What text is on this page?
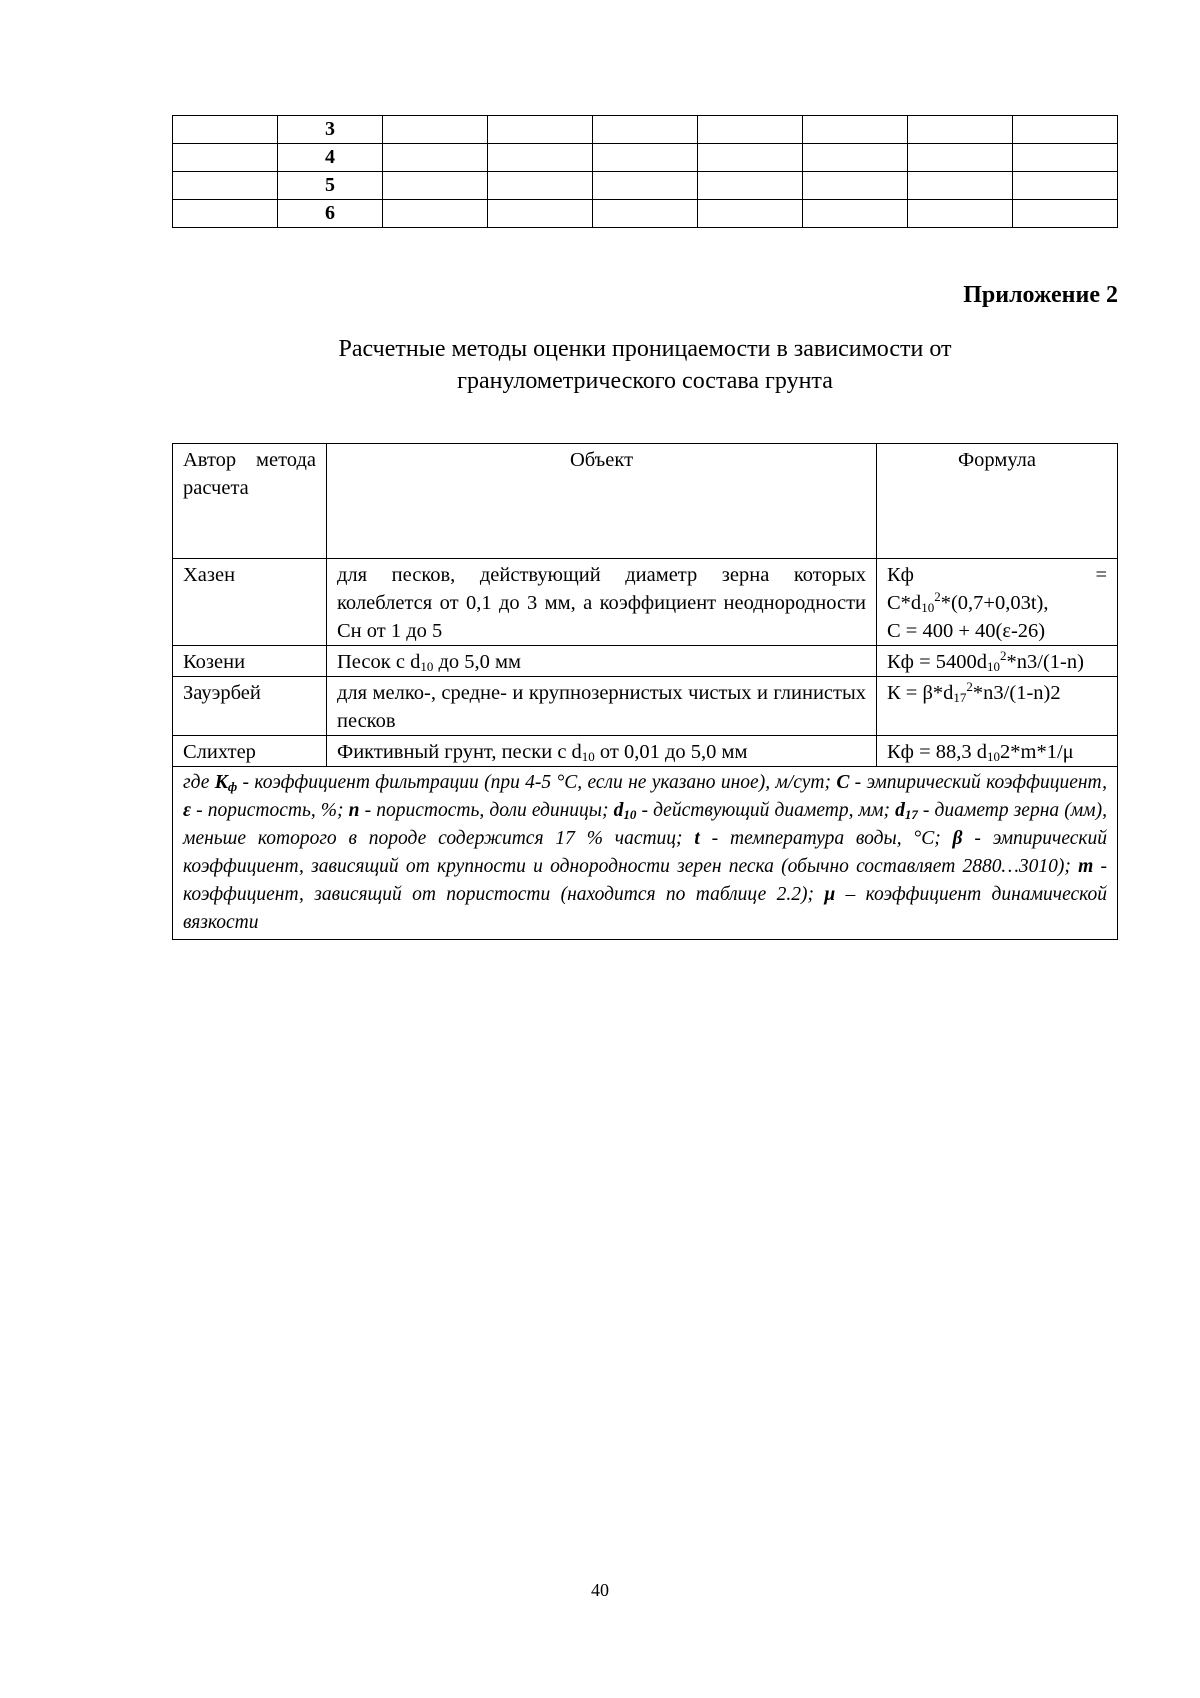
	3							
	4							
	5							
	6							
Приложение 2
Расчетные методы оценки проницаемости в зависимости от
гранулометрического состава грунта
Автор метода расчета	Объект	Формула
Хазен	для песков, действующий диаметр зерна которых колеблется от 0,1 до 3 мм, а коэффициент неоднородности Сн от 1 до 5	Кф =
$С*d_{10}^2*(0,7+0,03t)$,
С = 400 + 40(ε-26)

Козени	Песок с $d_{10}$ до 5,0 мм	Кф = $5400d_{10}^2*n3/(1-n)$
Зауэрбей	для мелко-, средне- и крупнозернистых чистых и глинистых песков	$К = \beta*d_{17}^2*n3/(1-n)2$
Слихтер	Фиктивный грунт, пески с $d_{10}$ от 0,01 до 5,0 мм	Кф = 88,3 $d_{10}2*m*1/\mu$
где $К_ф$ - коэффициент фильтрации (при 4-5 °С, если не указано иное), м/сут; С - эмпирический коэффициент, ε - пористость, %; n - пористость, доли единицы; $d_{10}$ - действующий диаметр, мм; $d_{17}$ - диаметр зерна (мм), меньше которого в породе содержится 17 % частиц; t - температура воды, °С; β - эмпирический коэффициент, зависящий от крупности и однородности зерен песка (обычно составляет 2880…3010); m - коэффициент, зависящий от пористости (находится по таблице 2.2); μ – коэффициент динамической вязкости		
40
